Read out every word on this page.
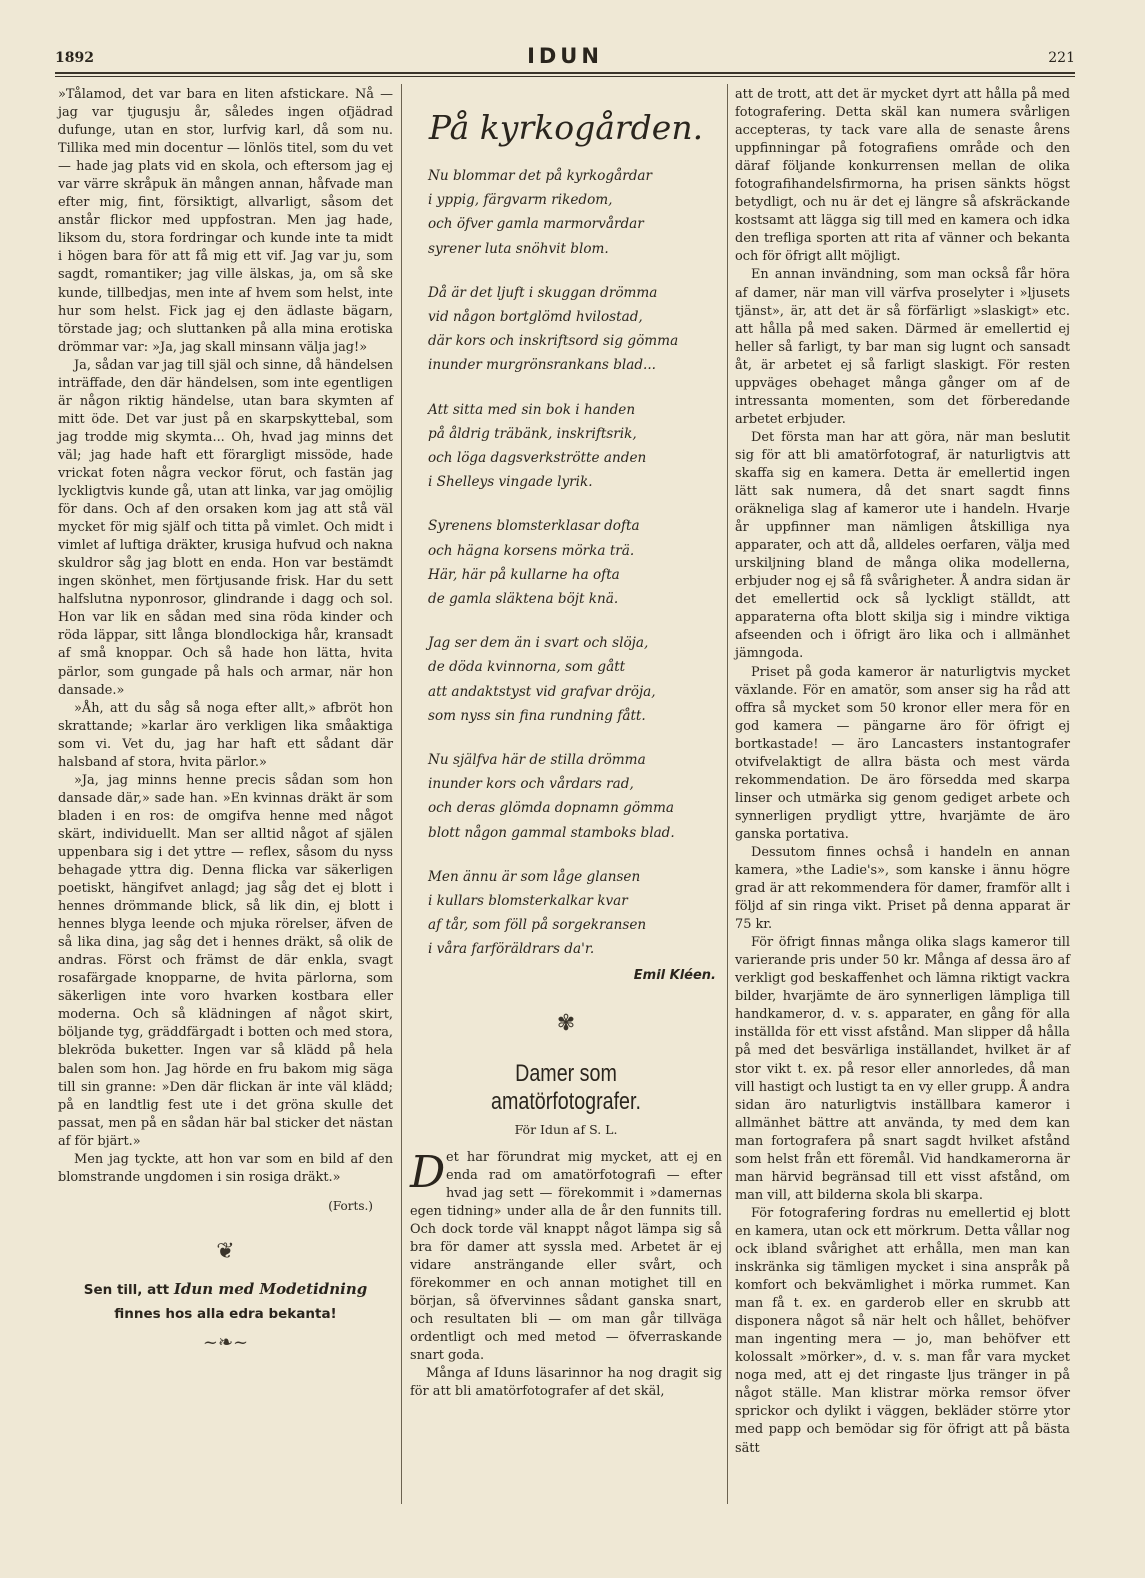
1892	IDUN	221

»Tålamod, det var bara en liten afstickare. Nå — jag var tjugusju år, således ingen ofjädrad dufunge, utan en stor, lurfvig karl, då som nu. Tillika med min docentur — lönlös titel, som du vet — hade jag plats vid en skola, och eftersom jag ej var värre skråpuk än mången annan, håfvade man efter mig, fint, försiktigt, allvarligt, såsom det anstår flickor med uppfostran. Men jag hade, liksom du, stora fordringar och kunde inte ta midt i högen bara för att få mig ett vif. Jag var ju, som sagdt, romantiker; jag ville älskas, ja, om så ske kunde, tillbedjas, men inte af hvem som helst, inte hur som helst. Fick jag ej den ädlaste bägarn, törstade jag; och sluttanken på alla mina erotiska drömmar var: »Ja, jag skall minsann välja jag!»

Ja, sådan var jag till själ och sinne, då händelsen inträffade, den där händelsen, som inte egentligen är någon riktig händelse, utan bara skymten af mitt öde. Det var just på en skarpskyttebal, som jag trodde mig skymta... Oh, hvad jag minns det väl; jag hade haft ett förargligt missöde, hade vrickat foten några veckor förut, och fastän jag lyckligtvis kunde gå, utan att linka, var jag omöjlig för dans. Och af den orsaken kom jag att stå väl mycket för mig själf och titta på vimlet. Och midt i vimlet af luftiga dräkter, krusiga hufvud och nakna skuldror såg jag blott en enda. Hon var bestämdt ingen skönhet, men förtjusande frisk. Har du sett halfslutna nyponrosor, glindrande i dagg och sol. Hon var lik en sådan med sina röda kinder och röda läppar, sitt långa blondlockiga hår, kransadt af små knoppar. Och så hade hon lätta, hvita pärlor, som gungade på hals och armar, när hon dansade.»

»Åh, att du såg så noga efter allt,» afbröt hon skrattande; »karlar äro verkligen lika småaktiga som vi. Vet du, jag har haft ett sådant där halsband af stora, hvita pärlor.»

»Ja, jag minns henne precis sådan som hon dansade där,» sade han. »En kvinnas dräkt är som bladen i en ros: de omgifva henne med något skärt, individuellt. Man ser alltid något af själen uppenbara sig i det yttre — reflex, såsom du nyss behagade yttra dig. Denna flicka var säkerligen poetiskt, hängifvet anlagd; jag såg det ej blott i hennes drömmande blick, så lik din, ej blott i hennes blyga leende och mjuka rörelser, äfven de så lika dina, jag såg det i hennes dräkt, så olik de andras. Först och främst de där enkla, svagt rosafärgade knopparne, de hvita pärlorna, som säkerligen inte voro hvarken kostbara eller moderna. Och så klädningen af något skirt, böljande tyg, gräddfärgadt i botten och med stora, blekröda buketter. Ingen var så klädd på hela balen som hon. Jag hörde en fru bakom mig säga till sin granne: »Den där flickan är inte väl klädd; på en landtlig fest ute i det gröna skulle det passat, men på en sådan här bal sticker det nästan af för bjärt.»

Men jag tyckte, att hon var som en bild af den blomstrande ungdomen i sin rosiga dräkt.»

(Forts.)
❦
Sen till, att Idun med Modetidning
finnes hos alla edra bekanta!
~❧~
På kyrkogården.
Nu blommar det på kyrkogårdar
i yppig, färgvarm rikedom,
och öfver gamla marmorvårdar
syrener luta snöhvit blom.
Då är det ljuft i skuggan drömma
vid någon bortglömd hvilostad,
där kors och inskriftsord sig gömma
inunder murgrönsrankans blad...
Att sitta med sin bok i handen
på åldrig träbänk, inskriftsrik,
och löga dagsverkströtte anden
i Shelleys vingade lyrik.
Syrenens blomsterklasar dofta
och hägna korsens mörka trä.
Här, här på kullarne ha ofta
de gamla släktena böjt knä.
Jag ser dem än i svart och slöja,
de döda kvinnorna, som gått
att andaktstyst vid grafvar dröja,
som nyss sin fina rundning fått.
Nu själfva här de stilla drömma
inunder kors och vårdars rad,
och deras glömda dopnamn gömma
blott någon gammal stamboks blad.
Men ännu är som låge glansen
i kullars blomsterkalkar kvar
af tår, som föll på sorgekransen
i våra farföräldrars da'r.
Emil Kléen.
✾
Damer som amatörfotografer.
För Idun af S. L.
D et har förundrat mig mycket, att ej en enda rad om amatörfotografi — efter hvad jag sett — förekommit i »damernas egen tidning» under alla de år den funnits till. Och dock torde väl knappt något lämpa sig så bra för damer att syssla med. Arbetet är ej vidare ansträngande eller svårt, och förekommer en och annan motighet till en början, så öfvervinnes sådant ganska snart, och resultaten bli — om man går tillväga ordentligt och med metod — öfverraskande snart goda.

Många af Iduns läsarinnor ha nog dragit sig för att bli amatörfotografer af det skäl,

att de trott, att det är mycket dyrt att hålla på med fotografering. Detta skäl kan numera svårligen accepteras, ty tack vare alla de senaste årens uppfinningar på fotografiens område och den däraf följande konkurrensen mellan de olika fotografihandelsfirmorna, ha prisen sänkts högst betydligt, och nu är det ej längre så afskräckande kostsamt att lägga sig till med en kamera och idka den trefliga sporten att rita af vänner och bekanta och för öfrigt allt möjligt.

En annan invändning, som man också får höra af damer, när man vill värfva proselyter i »ljusets tjänst», är, att det är så förfärligt »slaskigt» etc. att hålla på med saken. Därmed är emellertid ej heller så farligt, ty bar man sig lugnt och sansadt åt, är arbetet ej så farligt slaskigt. För resten uppväges obehaget många gånger om af de intressanta momenten, som det förberedande arbetet erbjuder.

Det första man har att göra, när man beslutit sig för att bli amatörfotograf, är naturligtvis att skaffa sig en kamera. Detta är emellertid ingen lätt sak numera, då det snart sagdt finns oräkneliga slag af kameror ute i handeln. Hvarje år uppfinner man nämligen åtskilliga nya apparater, och att då, alldeles oerfaren, välja med urskiljning bland de många olika modellerna, erbjuder nog ej så få svårigheter. Å andra sidan är det emellertid ock så lyckligt ställdt, att apparaterna ofta blott skilja sig i mindre viktiga afseenden och i öfrigt äro lika och i allmänhet jämngoda.

Priset på goda kameror är naturligtvis mycket växlande. För en amatör, som anser sig ha råd att offra så mycket som 50 kronor eller mera för en god kamera — pängarne äro för öfrigt ej bortkastade! — äro Lancasters instantografer otvifvelaktigt de allra bästa och mest värda rekommendation. De äro försedda med skarpa linser och utmärka sig genom gediget arbete och synnerligen prydligt yttre, hvarjämte de äro ganska portativa.

Dessutom finnes ochså i handeln en annan kamera, »the Ladie's», som kanske i ännu högre grad är att rekommendera för damer, framför allt i följd af sin ringa vikt. Priset på denna apparat är 75 kr.

För öfrigt finnas många olika slags kameror till varierande pris under 50 kr. Många af dessa äro af verkligt god beskaffenhet och lämna riktigt vackra bilder, hvarjämte de äro synnerligen lämpliga till handkameror, d. v. s. apparater, en gång för alla inställda för ett visst afstånd. Man slipper då hålla på med det besvärliga inställandet, hvilket är af stor vikt t. ex. på resor eller annorledes, då man vill hastigt och lustigt ta en vy eller grupp. Å andra sidan äro naturligtvis inställbara kameror i allmänhet bättre att använda, ty med dem kan man fortografera på snart sagdt hvilket afstånd som helst från ett föremål. Vid handkamerorna är man härvid begränsad till ett visst afstånd, om man vill, att bilderna skola bli skarpa.

För fotografering fordras nu emellertid ej blott en kamera, utan ock ett mörkrum. Detta vållar nog ock ibland svårighet att erhålla, men man kan inskränka sig tämligen mycket i sina anspråk på komfort och bekvämlighet i mörka rummet. Kan man få t. ex. en garderob eller en skrubb att disponera något så när helt och hållet, behöfver man ingenting mera — jo, man behöfver ett kolossalt »mörker», d. v. s. man får vara mycket noga med, att ej det ringaste ljus tränger in på något ställe. Man klistrar mörka remsor öfver sprickor och dylikt i väggen, bekläder större ytor med papp och bemödar sig för öfrigt att på bästa sätt
